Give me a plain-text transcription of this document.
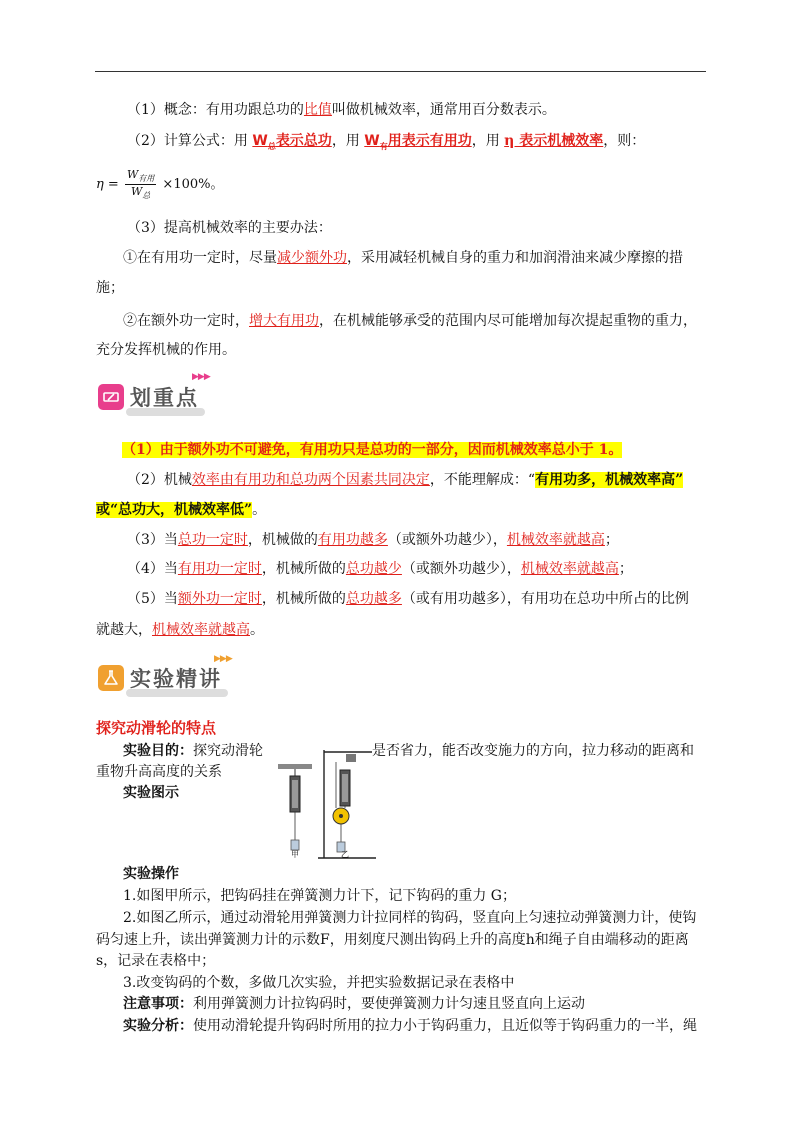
（1）概念：有用功跟总功的比值叫做机械效率，通常用百分数表示。
（2）计算公式：用 $W_总$表示总功，用 $W_有$用表示有用功，用 η 表示机械效率，则：
$\eta = \frac{W_{有用}}{W_总} \times 100\%$。
（3）提高机械效率的主要办法：
①在有用功一定时，尽量减少额外功，采用减轻机械自身的重力和加润滑油来减少摩擦的措
施；
②在额外功一定时，增大有用功，在机械能够承受的范围内尽可能增加每次提起重物的重力，
充分发挥机械的作用。
▶▶▶
划重点
（1）由于额外功不可避免，有用功只是总功的一部分，因而机械效率总小于 1。
（2）机械效率由有用功和总功两个因素共同决定，不能理解成：“有用功多，机械效率高”
或“总功大，机械效率低”。
（3）当总功一定时，机械做的有用功越多（或额外功越少），机械效率就越高；
（4）当有用功一定时，机械所做的总功越少（或额外功越少），机械效率就越高；
（5）当额外功一定时，机械所做的总功越多（或有用功越多），有用功在总功中所占的比例
就越大，机械效率就越高。
▶▶▶
实验精讲
探究动滑轮的特点
实验目的：探究动滑轮	是否省力，能否改变施力的方向，拉力移动的距离和
重物升高高度的关系
实验图示
甲	乙
实验操作
1.如图甲所示，把钩码挂在弹簧测力计下，记下钩码的重力 G；
2.如图乙所示，通过动滑轮用弹簧测力计拉同样的钩码，竖直向上匀速拉动弹簧测力计，使钩
码匀速上升，读出弹簧测力计的示数F，用刻度尺测出钩码上升的高度h和绳子自由端移动的距离
s，记录在表格中；
3.改变钩码的个数，多做几次实验，并把实验数据记录在表格中
注意事项：利用弹簧测力计拉钩码时，要使弹簧测力计匀速且竖直向上运动
实验分析：使用动滑轮提升钩码时所用的拉力小于钩码重力，且近似等于钩码重力的一半，绳
